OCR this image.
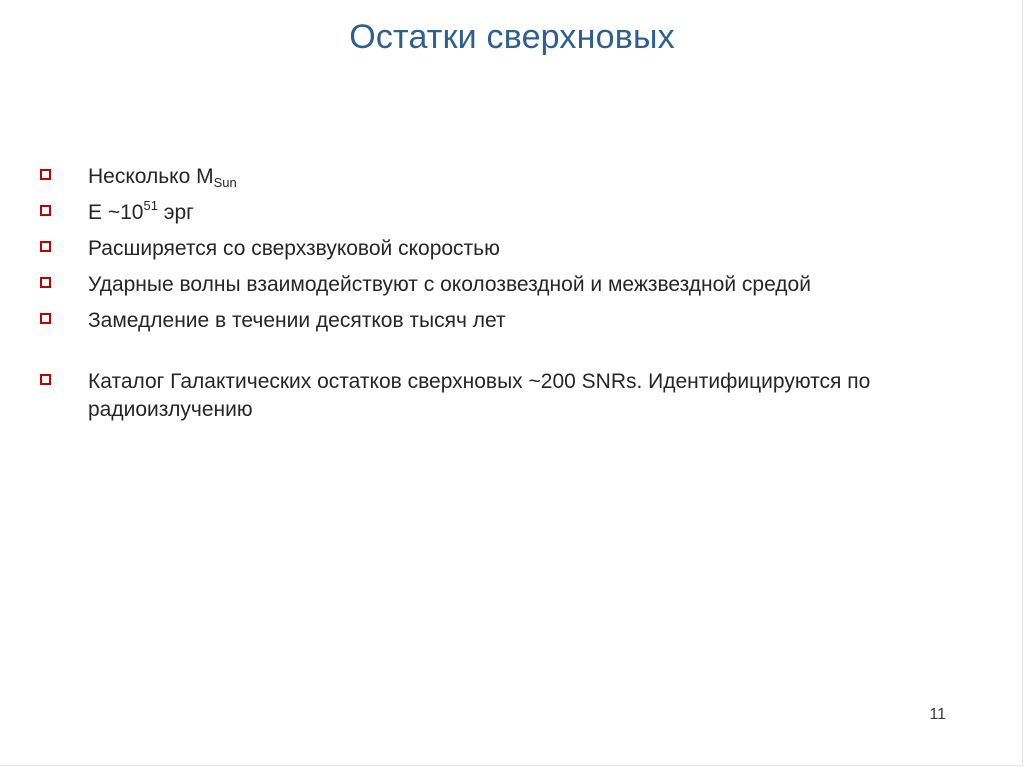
Остатки сверхновых
Несколько $M_{Sun}$
E $\sim 10^{51}$ эрг
Расширяется со сверхзвуковой скоростью
Ударные волны взаимодействуют с околозвездной и межзвездной средой
Замедление в течении десятков тысяч лет
Каталог Галактических остатков сверхновых ~200 SNRs. Идентифицируются по радиоизлучению
11
